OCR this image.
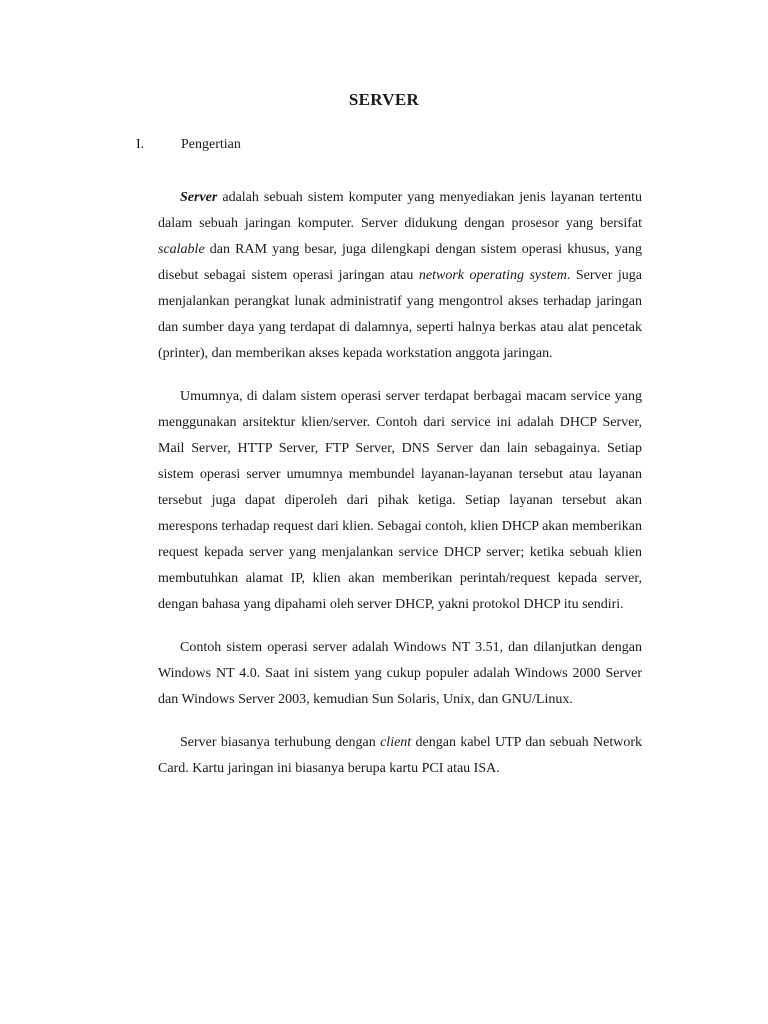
SERVER
I.	Pengertian

Server adalah sebuah sistem komputer yang menyediakan jenis layanan tertentu dalam sebuah jaringan komputer. Server didukung dengan prosesor yang bersifat scalable dan RAM yang besar, juga dilengkapi dengan sistem operasi khusus, yang disebut sebagai sistem operasi jaringan atau network operating system. Server juga menjalankan perangkat lunak administratif yang mengontrol akses terhadap jaringan dan sumber daya yang terdapat di dalamnya, seperti halnya berkas atau alat pencetak (printer), dan memberikan akses kepada workstation anggota jaringan.

Umumnya, di dalam sistem operasi server terdapat berbagai macam service yang menggunakan arsitektur klien/server. Contoh dari service ini adalah DHCP Server, Mail Server, HTTP Server, FTP Server, DNS Server dan lain sebagainya. Setiap sistem operasi server umumnya membundel layanan-layanan tersebut atau layanan tersebut juga dapat diperoleh dari pihak ketiga. Setiap layanan tersebut akan merespons terhadap request dari klien. Sebagai contoh, klien DHCP akan memberikan request kepada server yang menjalankan service DHCP server; ketika sebuah klien membutuhkan alamat IP, klien akan memberikan perintah/request kepada server, dengan bahasa yang dipahami oleh server DHCP, yakni protokol DHCP itu sendiri.

Contoh sistem operasi server adalah Windows NT 3.51, dan dilanjutkan dengan Windows NT 4.0. Saat ini sistem yang cukup populer adalah Windows 2000 Server dan Windows Server 2003, kemudian Sun Solaris, Unix, dan GNU/Linux.

Server biasanya terhubung dengan client dengan kabel UTP dan sebuah Network Card. Kartu jaringan ini biasanya berupa kartu PCI atau ISA.
